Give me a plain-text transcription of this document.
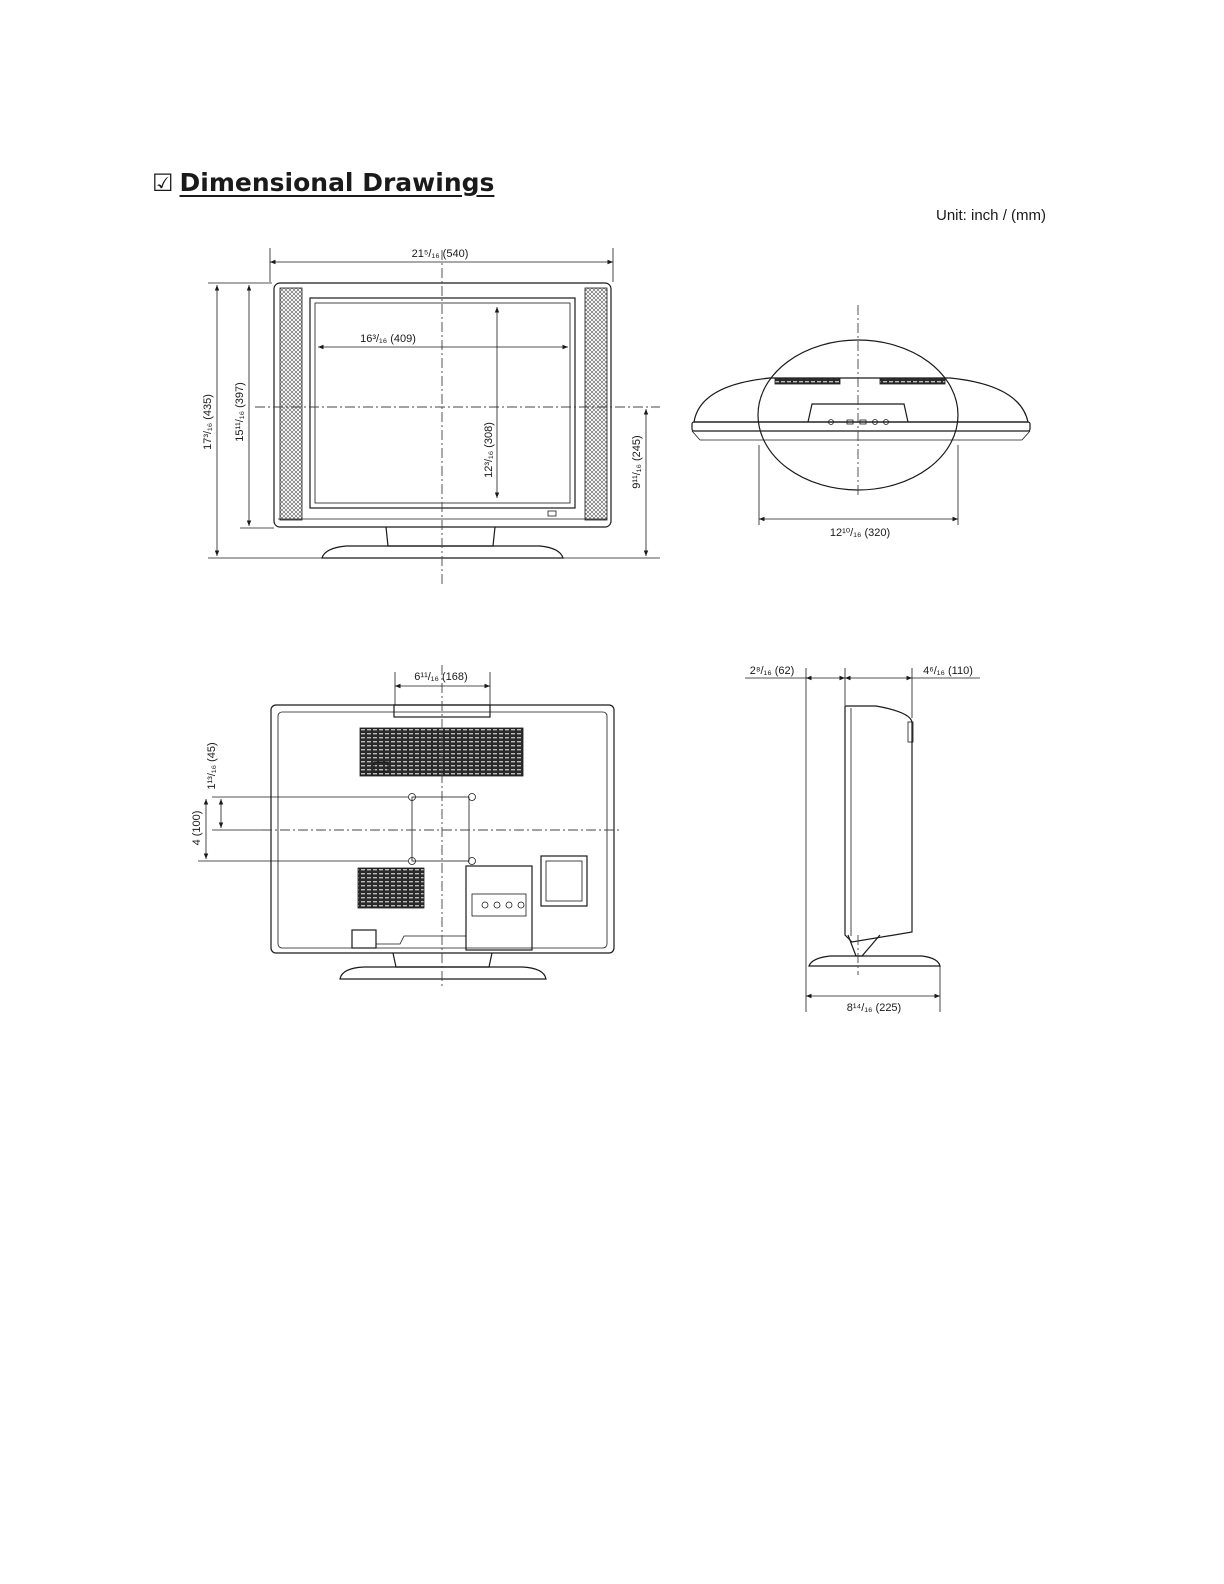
☑ Dimensional Drawings
Unit: inch / (mm)
21⁵/₁₆ (540)
16³/₁₆ (409)
12³/₁₆ (308)
17³/₁₆ (435) 15¹¹/₁₆ (397)
9¹¹/₁₆ (245)
12¹⁰/₁₆ (320)
6¹¹/₁₆ (168)
1¹³/₁₆ (45)
4 (100)
2⁸/₁₆ (62)	4⁶/₁₆ (110)
8¹⁴/₁₆ (225)
